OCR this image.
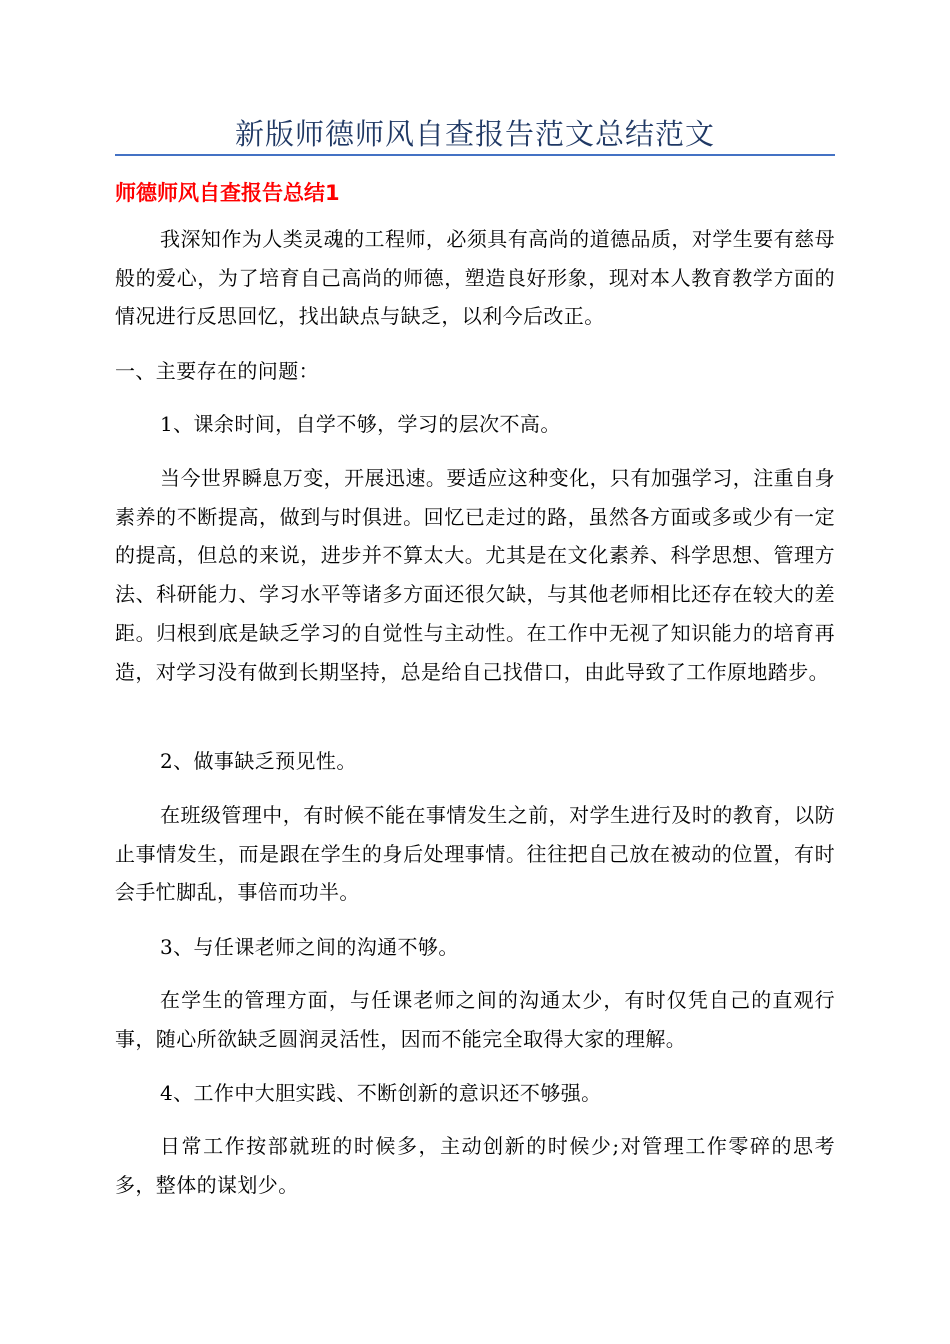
新版师德师风自查报告范文总结范文
师德师风自查报告总结1

我深知作为人类灵魂的工程师，必须具有高尚的道德品质，对学生要有慈母般的爱心，为了培育自己高尚的师德，塑造良好形象，现对本人教育教学方面的情况进行反思回忆，找出缺点与缺乏，以利今后改正。

一、主要存在的问题：

1、课余时间，自学不够，学习的层次不高。

当今世界瞬息万变，开展迅速。要适应这种变化，只有加强学习，注重自身素养的不断提高，做到与时俱进。回忆已走过的路，虽然各方面或多或少有一定的提高，但总的来说，进步并不算太大。尤其是在文化素养、科学思想、管理方法、科研能力、学习水平等诸多方面还很欠缺，与其他老师相比还存在较大的差距。归根到底是缺乏学习的自觉性与主动性。在工作中无视了知识能力的培育再造，对学习没有做到长期坚持，总是给自己找借口，由此导致了工作原地踏步。

2、做事缺乏预见性。

在班级管理中，有时候不能在事情发生之前，对学生进行及时的教育，以防止事情发生，而是跟在学生的身后处理事情。往往把自己放在被动的位置，有时会手忙脚乱，事倍而功半。

3、与任课老师之间的沟通不够。

在学生的管理方面，与任课老师之间的沟通太少，有时仅凭自己的直观行事，随心所欲缺乏圆润灵活性，因而不能完全取得大家的理解。

4、工作中大胆实践、不断创新的意识还不够强。

日常工作按部就班的时候多，主动创新的时候少;对管理工作零碎的思考多，整体的谋划少。
